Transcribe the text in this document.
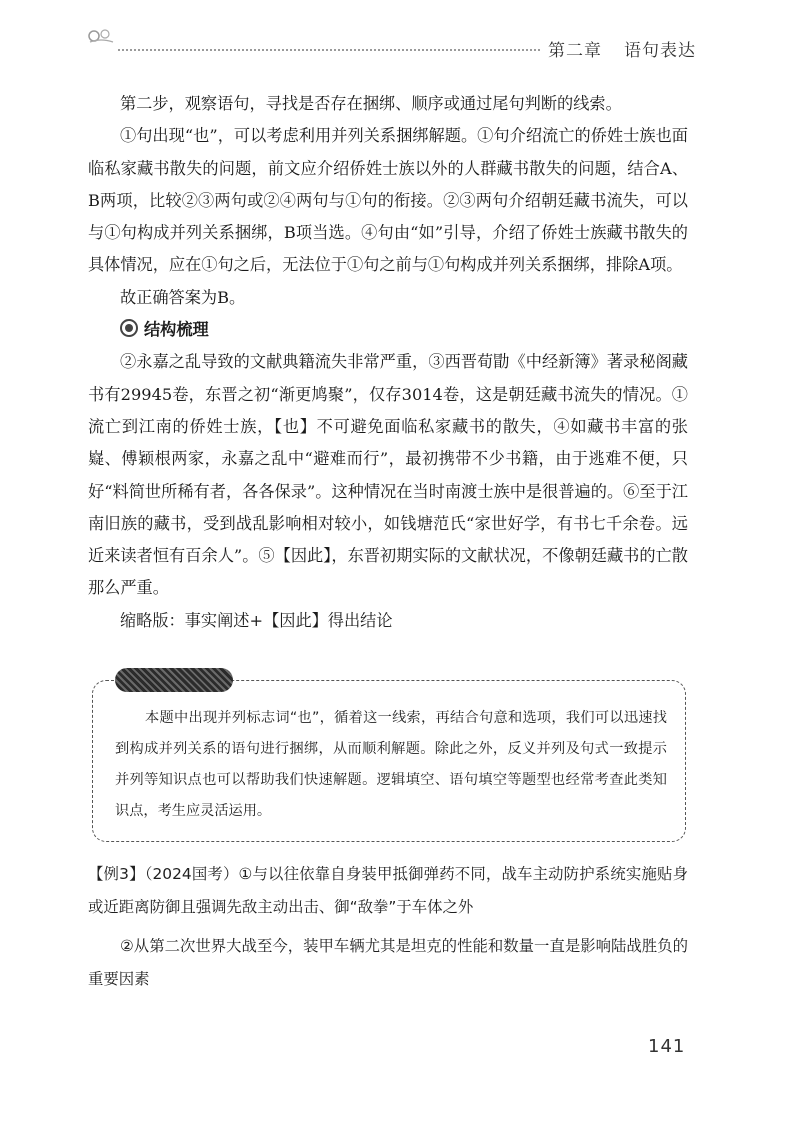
第二章 语句表达

第二步，观察语句，寻找是否存在捆绑、顺序或通过尾句判断的线索。

①句出现“也”，可以考虑利用并列关系捆绑解题。①句介绍流亡的侨姓士族也面临私家藏书散失的问题，前文应介绍侨姓士族以外的人群藏书散失的问题，结合A、B两项，比较②③两句或②④两句与①句的衔接。②③两句介绍朝廷藏书流失，可以与①句构成并列关系捆绑，B项当选。④句由“如”引导，介绍了侨姓士族藏书散失的具体情况，应在①句之后，无法位于①句之前与①句构成并列关系捆绑，排除A项。

故正确答案为B。

结构梳理

②永嘉之乱导致的文献典籍流失非常严重，③西晋荀勖《中经新簿》著录秘阁藏书有29945卷，东晋之初“渐更鸠聚”，仅存3014卷，这是朝廷藏书流失的情况。①流亡到江南的侨姓士族，【也】不可避免面临私家藏书的散失，④如藏书丰富的张嶷、傅颖根两家，永嘉之乱中“避难而行”，最初携带不少书籍，由于逃难不便，只好“料简世所稀有者，各各保录”。这种情况在当时南渡士族中是很普遍的。⑥至于江南旧族的藏书，受到战乱影响相对较小，如钱塘范氏“家世好学，有书七千余卷。远近来读者恒有百余人”。⑤【因此】，东晋初期实际的文献状况，不像朝廷藏书的亡散那么严重。

缩略版：事实阐述+【因此】得出结论

本题中出现并列标志词“也”，循着这一线索，再结合句意和选项，我们可以迅速找到构成并列关系的语句进行捆绑，从而顺利解题。除此之外，反义并列及句式一致提示并列等知识点也可以帮助我们快速解题。逻辑填空、语句填空等题型也经常考查此类知识点，考生应灵活运用。

【例3】（2024国考）①与以往依靠自身装甲抵御弹药不同，战车主动防护系统实施贴身或近距离防御且强调先敌主动出击、御“敌拳”于车体之外

②从第二次世界大战至今，装甲车辆尤其是坦克的性能和数量一直是影响陆战胜负的重要因素

141
